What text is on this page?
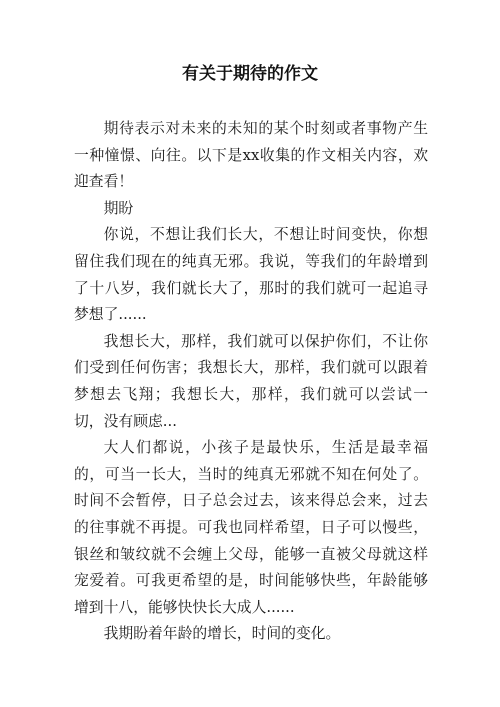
有关于期待的作文

期待表示对未来的未知的某个时刻或者事物产生一种憧憬、向往。以下是xx收集的作文相关内容，欢迎查看！

期盼

你说，不想让我们长大，不想让时间变快，你想留住我们现在的纯真无邪。我说，等我们的年龄增到了十八岁，我们就长大了，那时的我们就可一起追寻梦想了......

我想长大，那样，我们就可以保护你们，不让你们受到任何伤害；我想长大，那样，我们就可以跟着梦想去飞翔；我想长大，那样，我们就可以尝试一切，没有顾虑...

大人们都说，小孩子是最快乐，生活是最幸福的，可当一长大，当时的纯真无邪就不知在何处了。时间不会暂停，日子总会过去，该来得总会来，过去的往事就不再提。可我也同样希望，日子可以慢些，银丝和皱纹就不会缠上父母，能够一直被父母就这样宠爱着。可我更希望的是，时间能够快些，年龄能够增到十八，能够快快长大成人......

我期盼着年龄的增长，时间的变化。
